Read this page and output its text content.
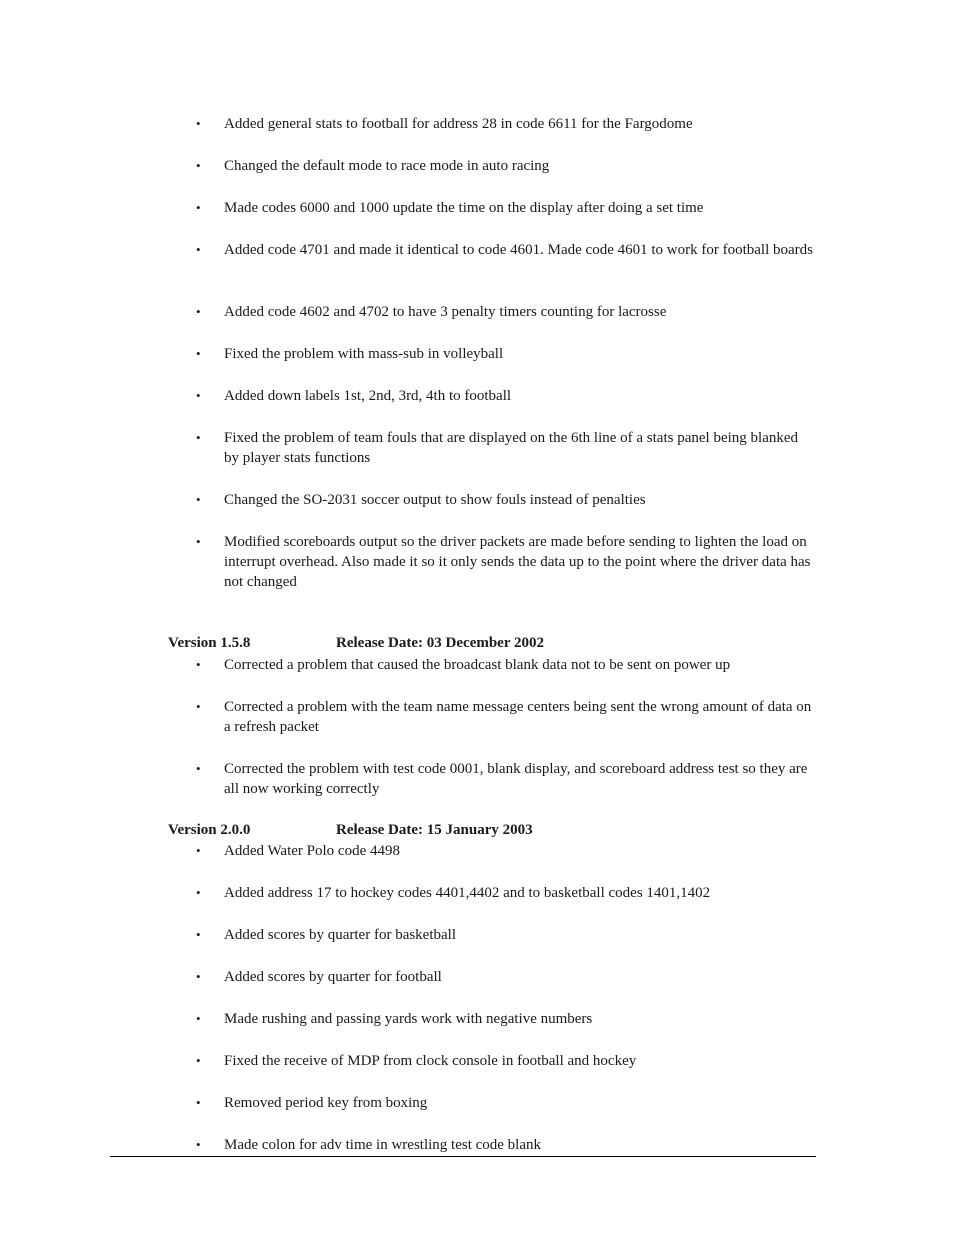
•	Added general stats to football for address 28 in code 6611 for the Fargodome
•	Changed the default mode to race mode in auto racing
•	Made codes 6000 and 1000 update the time on the display after doing a set time
•	Added code 4701 and made it identical to code 4601. Made code 4601 to work for football boards
•	Added code 4602 and 4702 to have 3 penalty timers counting for lacrosse
•	Fixed the problem with mass-sub in volleyball
•	Added down labels 1st, 2nd, 3rd, 4th to football
•	Fixed the problem of team fouls that are displayed on the 6th line of a stats panel being blanked by player stats functions
•	Changed the SO-2031 soccer output to show fouls instead of penalties
•	Modified scoreboards output so the driver packets are made before sending to lighten the load on interrupt overhead. Also made it so it only sends the data up to the point where the driver data has not changed
Version 1.5.8	Release Date: 03 December 2002
•	Corrected a problem that caused the broadcast blank data not to be sent on power up
•	Corrected a problem with the team name message centers being sent the wrong amount of data on a refresh packet
•	Corrected the problem with test code 0001, blank display, and scoreboard address test so they are all now working correctly
Version 2.0.0	Release Date: 15 January 2003
•	Added Water Polo code 4498
•	Added address 17 to hockey codes 4401,4402 and to basketball codes 1401,1402
•	Added scores by quarter for basketball
•	Added scores by quarter for football
•	Made rushing and passing yards work with negative numbers
•	Fixed the receive of MDP from clock console in football and hockey
•	Removed period key from boxing
•	Made colon for adv time in wrestling test code blank
